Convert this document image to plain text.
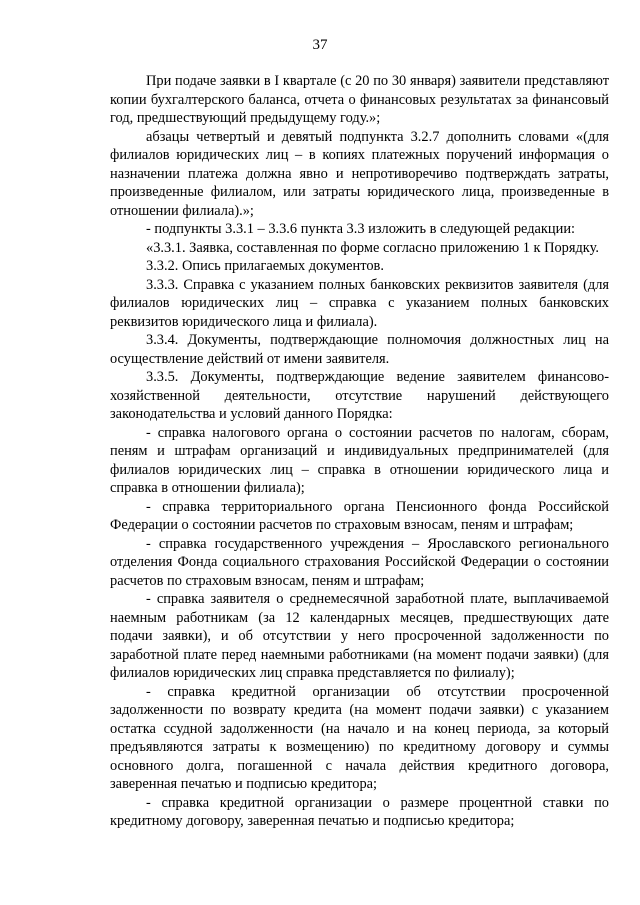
37

При подаче заявки в I квартале (с 20 по 30 января) заявители представляют копии бухгалтерского баланса, отчета о финансовых результатах за финансовый год, предшествующий предыдущему году.»;

абзацы четвертый и девятый подпункта 3.2.7 дополнить словами «(для филиалов юридических лиц – в копиях платежных поручений информация о назначении платежа должна явно и непротиворечиво подтверждать затраты, произведенные филиалом, или затраты юридического лица, произведенные в отношении филиала).»;

- подпункты 3.3.1 – 3.3.6 пункта 3.3 изложить в следующей редакции:

«3.3.1. Заявка, составленная по форме согласно приложению 1 к Порядку.

3.3.2. Опись прилагаемых документов.

3.3.3. Справка с указанием полных банковских реквизитов заявителя (для филиалов юридических лиц – справка с указанием полных банковских реквизитов юридического лица и филиала).

3.3.4. Документы, подтверждающие полномочия должностных лиц на осуществление действий от имени заявителя.

3.3.5. Документы, подтверждающие ведение заявителем финансово-хозяйственной деятельности, отсутствие нарушений действующего законодательства и условий данного Порядка:

- справка налогового органа о состоянии расчетов по налогам, сборам, пеням и штрафам организаций и индивидуальных предпринимателей (для филиалов юридических лиц – справка в отношении юридического лица и справка в отношении филиала);

- справка территориального органа Пенсионного фонда Российской Федерации о состоянии расчетов по страховым взносам, пеням и штрафам;

- справка государственного учреждения – Ярославского регионального отделения Фонда социального страхования Российской Федерации о состоянии расчетов по страховым взносам, пеням и штрафам;

- справка заявителя о среднемесячной заработной плате, выплачиваемой наемным работникам (за 12 календарных месяцев, предшествующих дате подачи заявки), и об отсутствии у него просроченной задолженности по заработной плате перед наемными работниками (на момент подачи заявки) (для филиалов юридических лиц справка представляется по филиалу);

- справка кредитной организации об отсутствии просроченной задолженности по возврату кредита (на момент подачи заявки) с указанием остатка ссудной задолженности (на начало и на конец периода, за который предъявляются затраты к возмещению) по кредитному договору и суммы основного долга, погашенной с начала действия кредитного договора, заверенная печатью и подписью кредитора;

- справка кредитной организации о размере процентной ставки по кредитному договору, заверенная печатью и подписью кредитора;
